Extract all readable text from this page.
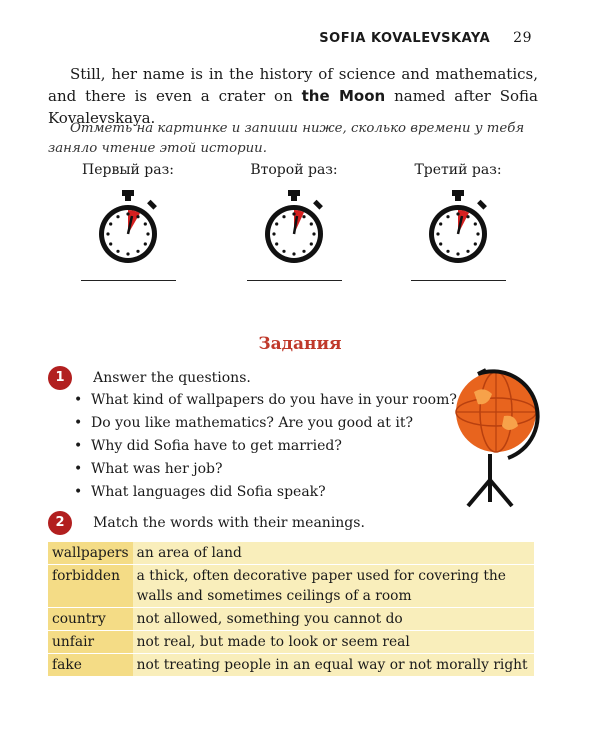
SOFIA KOVALEVSKAYA 29

Still, her name is in the history of science and mathematics, and there is even a crater on the Moon named after Sofia Kovalevskaya.

Отметь на картинке и запиши ниже, сколько времени у тебя заняло чтение этой истории.

Первый раз:	Второй раз:	Третий раз:
Задания
1 Answer the questions.
• What kind of wallpapers do you have in your room?
• Do you like mathematics? Are you good at it?
• Why did Sofia have to get married?
• What was her job?
• What languages did Sofia speak?
2 Match the words with their meanings.
wallpapers	an area of land
forbidden	a thick, often decorative paper used for covering the walls and sometimes ceilings of a room
country	not allowed, something you cannot do
unfair	not real, but made to look or seem real
fake	not treating people in an equal way or not morally right
